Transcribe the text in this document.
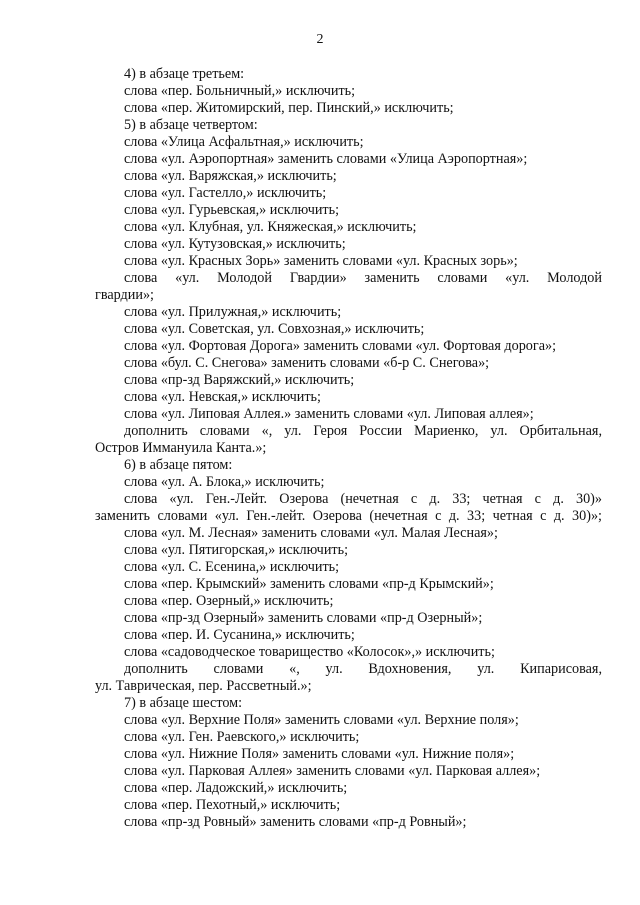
2
4) в абзаце третьем:
слова «пер. Больничный,» исключить;
слова «пер. Житомирский, пер. Пинский,» исключить;
5) в абзаце четвертом:
слова «Улица Асфальтная,» исключить;
слова «ул. Аэропортная» заменить словами «Улица Аэропортная»;
слова «ул. Варяжская,» исключить;
слова «ул. Гастелло,» исключить;
слова «ул. Гурьевская,» исключить;
слова «ул. Клубная, ул. Княжеская,» исключить;
слова «ул. Кутузовская,» исключить;
слова «ул. Красных Зорь» заменить словами «ул. Красных зорь»;
слова «ул. Молодой Гвардии» заменить словами «ул. Молодой
гвардии»;
слова «ул. Прилужная,» исключить;
слова «ул. Советская, ул. Совхозная,» исключить;
слова «ул. Фортовая Дорога» заменить словами «ул. Фортовая дорога»;
слова «бул. С. Снегова» заменить словами «б-р С. Снегова»;
слова «пр-зд Варяжский,» исключить;
слова «ул. Невская,» исключить;
слова «ул. Липовая Аллея.» заменить словами «ул. Липовая аллея»;
дополнить словами «, ул. Героя России Мариенко, ул. Орбитальная,
Остров Иммануила Канта.»;
6) в абзаце пятом:
слова «ул. А. Блока,» исключить;
слова «ул. Ген.-Лейт. Озерова (нечетная с д. 33; четная с д. 30)»
заменить словами «ул. Ген.-лейт. Озерова (нечетная с д. 33; четная с д. 30)»;
слова «ул. М. Лесная» заменить словами «ул. Малая Лесная»;
слова «ул. Пятигорская,» исключить;
слова «ул. С. Есенина,» исключить;
слова «пер. Крымский» заменить словами «пр-д Крымский»;
слова «пер. Озерный,» исключить;
слова «пр-зд Озерный» заменить словами «пр-д Озерный»;
слова «пер. И. Сусанина,» исключить;
слова «садоводческое товарищество «Колосок»,» исключить;
дополнить словами «, ул. Вдохновения, ул. Кипарисовая,
ул. Таврическая, пер. Рассветный.»;
7) в абзаце шестом:
слова «ул. Верхние Поля» заменить словами «ул. Верхние поля»;
слова «ул. Ген. Раевского,» исключить;
слова «ул. Нижние Поля» заменить словами «ул. Нижние поля»;
слова «ул. Парковая Аллея» заменить словами «ул. Парковая аллея»;
слова «пер. Ладожский,» исключить;
слова «пер. Пехотный,» исключить;
слова «пр-зд Ровный» заменить словами «пр-д Ровный»;
